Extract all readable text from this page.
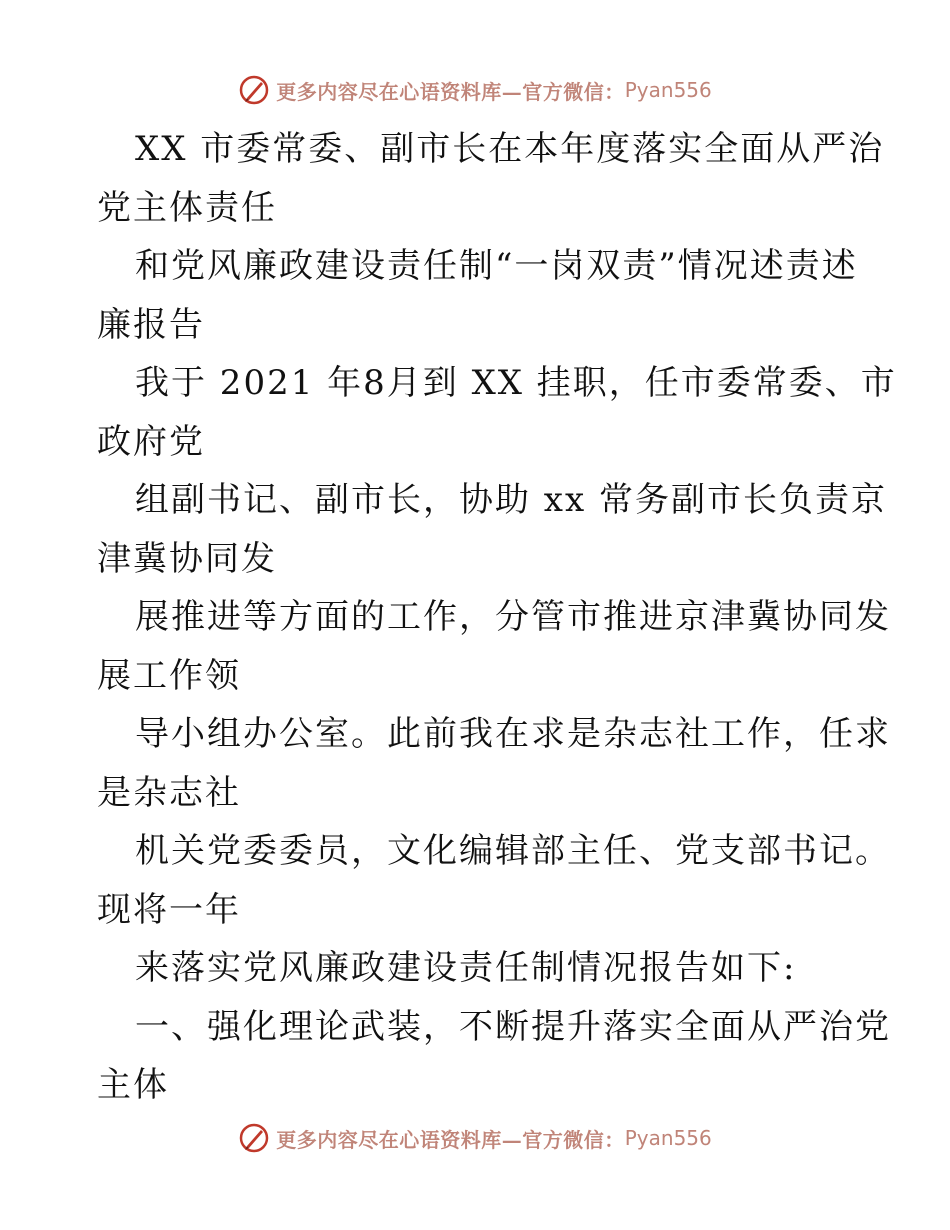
更多内容尽在心语资料库—官方微信： Pyan556
XX 市委常委、副市长在本年度落实全面从严治
党主体责任
和党风廉政建设责任制“一岗双责”情况述责述
廉报告
我于 2021 年8月到 XX 挂职，任市委常委、市
政府党
组副书记、副市长，协助 xx 常务副市长负责京
津冀协同发
展推进等方面的工作，分管市推进京津冀协同发
展工作领
导小组办公室。此前我在求是杂志社工作，任求
是杂志社
机关党委委员，文化编辑部主任、党支部书记。
现将一年
来落实党风廉政建设责任制情况报告如下:
一、强化理论武装，不断提升落实全面从严治党
主体
更多内容尽在心语资料库—官方微信： Pyan556
